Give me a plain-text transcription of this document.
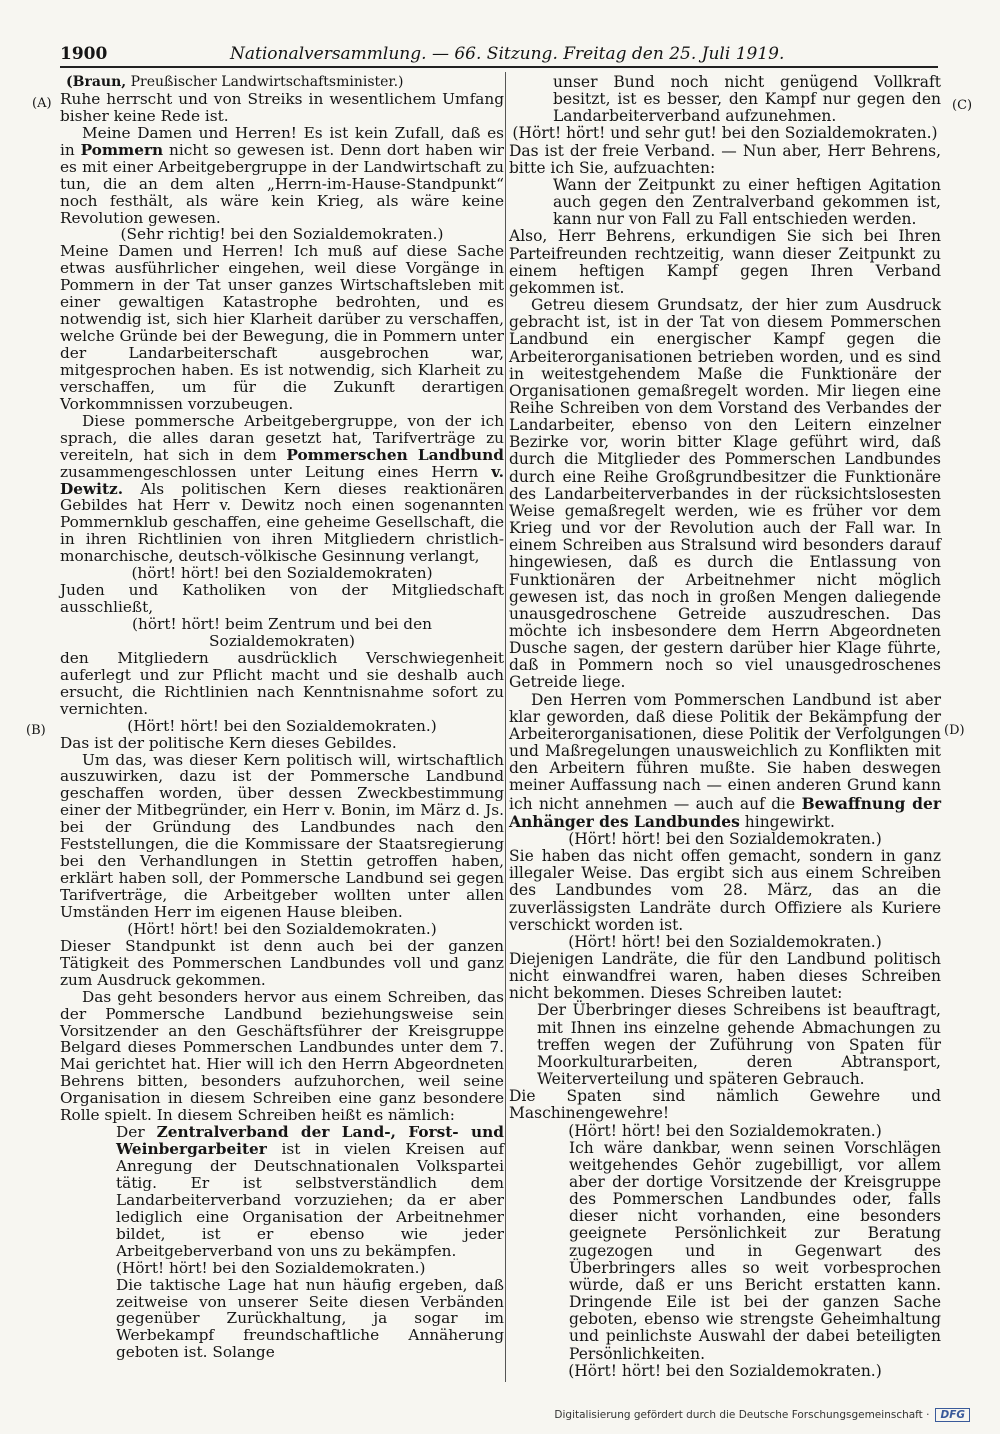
1900	Nationalversammlung. — 66. Sitzung. Freitag den 25. Juli 1919.
(A)
(B)
(C)
(D)

(Braun, Preußischer Landwirtschaftsminister.)

Ruhe herrscht und von Streiks in wesentlichem Umfang bisher keine Rede ist.

Meine Damen und Herren! Es ist kein Zufall, daß es in Pommern nicht so gewesen ist. Denn dort haben wir es mit einer Arbeitgebergruppe in der Landwirtschaft zu tun, die an dem alten „Herrn-im-Hause-Standpunkt“ noch festhält, als wäre kein Krieg, als wäre keine Revolution gewesen.

(Sehr richtig! bei den Sozialdemokraten.)

Meine Damen und Herren! Ich muß auf diese Sache etwas ausführlicher eingehen, weil diese Vorgänge in Pommern in der Tat unser ganzes Wirtschaftsleben mit einer gewaltigen Katastrophe bedrohten, und es notwendig ist, sich hier Klarheit darüber zu verschaffen, welche Gründe bei der Bewegung, die in Pommern unter der Landarbeiterschaft ausgebrochen war, mitgesprochen haben. Es ist notwendig, sich Klarheit zu verschaffen, um für die Zukunft derartigen Vorkommnissen vorzubeugen.

Diese pommersche Arbeitgebergruppe, von der ich sprach, die alles daran gesetzt hat, Tarifverträge zu vereiteln, hat sich in dem Pommerschen Landbund zusammengeschlossen unter Leitung eines Herrn v. Dewitz. Als politischen Kern dieses reaktionären Gebildes hat Herr v. Dewitz noch einen sogenannten Pommernklub geschaffen, eine geheime Gesellschaft, die in ihren Richtlinien von ihren Mitgliedern christlich-monarchische, deutsch-völkische Gesinnung verlangt,

(hört! hört! bei den Sozialdemokraten)

Juden und Katholiken von der Mitgliedschaft ausschließt,

(hört! hört! beim Zentrum und bei den Sozialdemokraten)

den Mitgliedern ausdrücklich Verschwiegenheit auferlegt und zur Pflicht macht und sie deshalb auch ersucht, die Richtlinien nach Kenntnisnahme sofort zu vernichten.

(Hört! hört! bei den Sozialdemokraten.)

Das ist der politische Kern dieses Gebildes.

Um das, was dieser Kern politisch will, wirtschaftlich auszuwirken, dazu ist der Pommersche Landbund geschaffen worden, über dessen Zweckbestimmung einer der Mitbegründer, ein Herr v. Bonin, im März d. Js. bei der Gründung des Landbundes nach den Feststellungen, die die Kommissare der Staatsregierung bei den Verhandlungen in Stettin getroffen haben, erklärt haben soll, der Pommersche Landbund sei gegen Tarifverträge, die Arbeitgeber wollten unter allen Umständen Herr im eigenen Hause bleiben.

(Hört! hört! bei den Sozialdemokraten.)

Dieser Standpunkt ist denn auch bei der ganzen Tätigkeit des Pommerschen Landbundes voll und ganz zum Ausdruck gekommen.

Das geht besonders hervor aus einem Schreiben, das der Pommersche Landbund beziehungsweise sein Vorsitzender an den Geschäftsführer der Kreisgruppe Belgard dieses Pommerschen Landbundes unter dem 7. Mai gerichtet hat. Hier will ich den Herrn Abgeordneten Behrens bitten, besonders aufzuhorchen, weil seine Organisation in diesem Schreiben eine ganz besondere Rolle spielt. In diesem Schreiben heißt es nämlich:

Der Zentralverband der Land-, Forst- und Weinbergarbeiter ist in vielen Kreisen auf Anregung der Deutschnationalen Volkspartei tätig. Er ist selbstverständlich dem Landarbeiterverband vorzuziehen; da er aber lediglich eine Organisation der Arbeitnehmer bildet, ist er ebenso wie jeder Arbeitgeberverband von uns zu bekämpfen.

(Hört! hört! bei den Sozialdemokraten.)

Die taktische Lage hat nun häufig ergeben, daß zeitweise von unserer Seite diesen Verbänden gegenüber Zurückhaltung, ja sogar im Werbekampf freundschaftliche Annäherung geboten ist. Solange

unser Bund noch nicht genügend Vollkraft besitzt, ist es besser, den Kampf nur gegen den Landarbeiterverband aufzunehmen.

(Hört! hört! und sehr gut! bei den Sozialdemokraten.)

Das ist der freie Verband. — Nun aber, Herr Behrens, bitte ich Sie, aufzuachten:

Wann der Zeitpunkt zu einer heftigen Agitation auch gegen den Zentralverband gekommen ist, kann nur von Fall zu Fall entschieden werden.

Also, Herr Behrens, erkundigen Sie sich bei Ihren Parteifreunden rechtzeitig, wann dieser Zeitpunkt zu einem heftigen Kampf gegen Ihren Verband gekommen ist.

Getreu diesem Grundsatz, der hier zum Ausdruck gebracht ist, ist in der Tat von diesem Pommerschen Landbund ein energischer Kampf gegen die Arbeiterorganisationen betrieben worden, und es sind in weitestgehendem Maße die Funktionäre der Organisationen gemaßregelt worden. Mir liegen eine Reihe Schreiben von dem Vorstand des Verbandes der Landarbeiter, ebenso von den Leitern einzelner Bezirke vor, worin bitter Klage geführt wird, daß durch die Mitglieder des Pommerschen Landbundes durch eine Reihe Großgrundbesitzer die Funktionäre des Landarbeiterverbandes in der rücksichtslosesten Weise gemaßregelt werden, wie es früher vor dem Krieg und vor der Revolution auch der Fall war. In einem Schreiben aus Stralsund wird besonders darauf hingewiesen, daß es durch die Entlassung von Funktionären der Arbeitnehmer nicht möglich gewesen ist, das noch in großen Mengen daliegende unausgedroschene Getreide auszudreschen. Das möchte ich insbesondere dem Herrn Abgeordneten Dusche sagen, der gestern darüber hier Klage führte, daß in Pommern noch so viel unausgedroschenes Getreide liege.

Den Herren vom Pommerschen Landbund ist aber klar geworden, daß diese Politik der Bekämpfung der Arbeiterorganisationen, diese Politik der Verfolgungen und Maßregelungen unausweichlich zu Konflikten mit den Arbeitern führen mußte. Sie haben deswegen meiner Auffassung nach — einen anderen Grund kann ich nicht annehmen — auch auf die Bewaffnung der Anhänger des Landbundes hingewirkt.

(Hört! hört! bei den Sozialdemokraten.)

Sie haben das nicht offen gemacht, sondern in ganz illegaler Weise. Das ergibt sich aus einem Schreiben des Landbundes vom 28. März, das an die zuverlässigsten Landräte durch Offiziere als Kuriere verschickt worden ist.

(Hört! hört! bei den Sozialdemokraten.)

Diejenigen Landräte, die für den Landbund politisch nicht einwandfrei waren, haben dieses Schreiben nicht bekommen. Dieses Schreiben lautet:

Der Überbringer dieses Schreibens ist beauftragt, mit Ihnen ins einzelne gehende Abmachungen zu treffen wegen der Zuführung von Spaten für Moorkulturarbeiten, deren Abtransport, Weiterverteilung und späteren Gebrauch.

Die Spaten sind nämlich Gewehre und Maschinengewehre!

(Hört! hört! bei den Sozialdemokraten.)

Ich wäre dankbar, wenn seinen Vorschlägen weitgehendes Gehör zugebilligt, vor allem aber der dortige Vorsitzende der Kreisgruppe des Pommerschen Landbundes oder, falls dieser nicht vorhanden, eine besonders geeignete Persönlichkeit zur Beratung zugezogen und in Gegenwart des Überbringers alles so weit vorbesprochen würde, daß er uns Bericht erstatten kann. Dringende Eile ist bei der ganzen Sache geboten, ebenso wie strengste Geheimhaltung und peinlichste Auswahl der dabei beteiligten Persönlichkeiten.

(Hört! hört! bei den Sozialdemokraten.)

Digitalisierung gefördert durch die Deutsche Forschungsgemeinschaft · DFG
